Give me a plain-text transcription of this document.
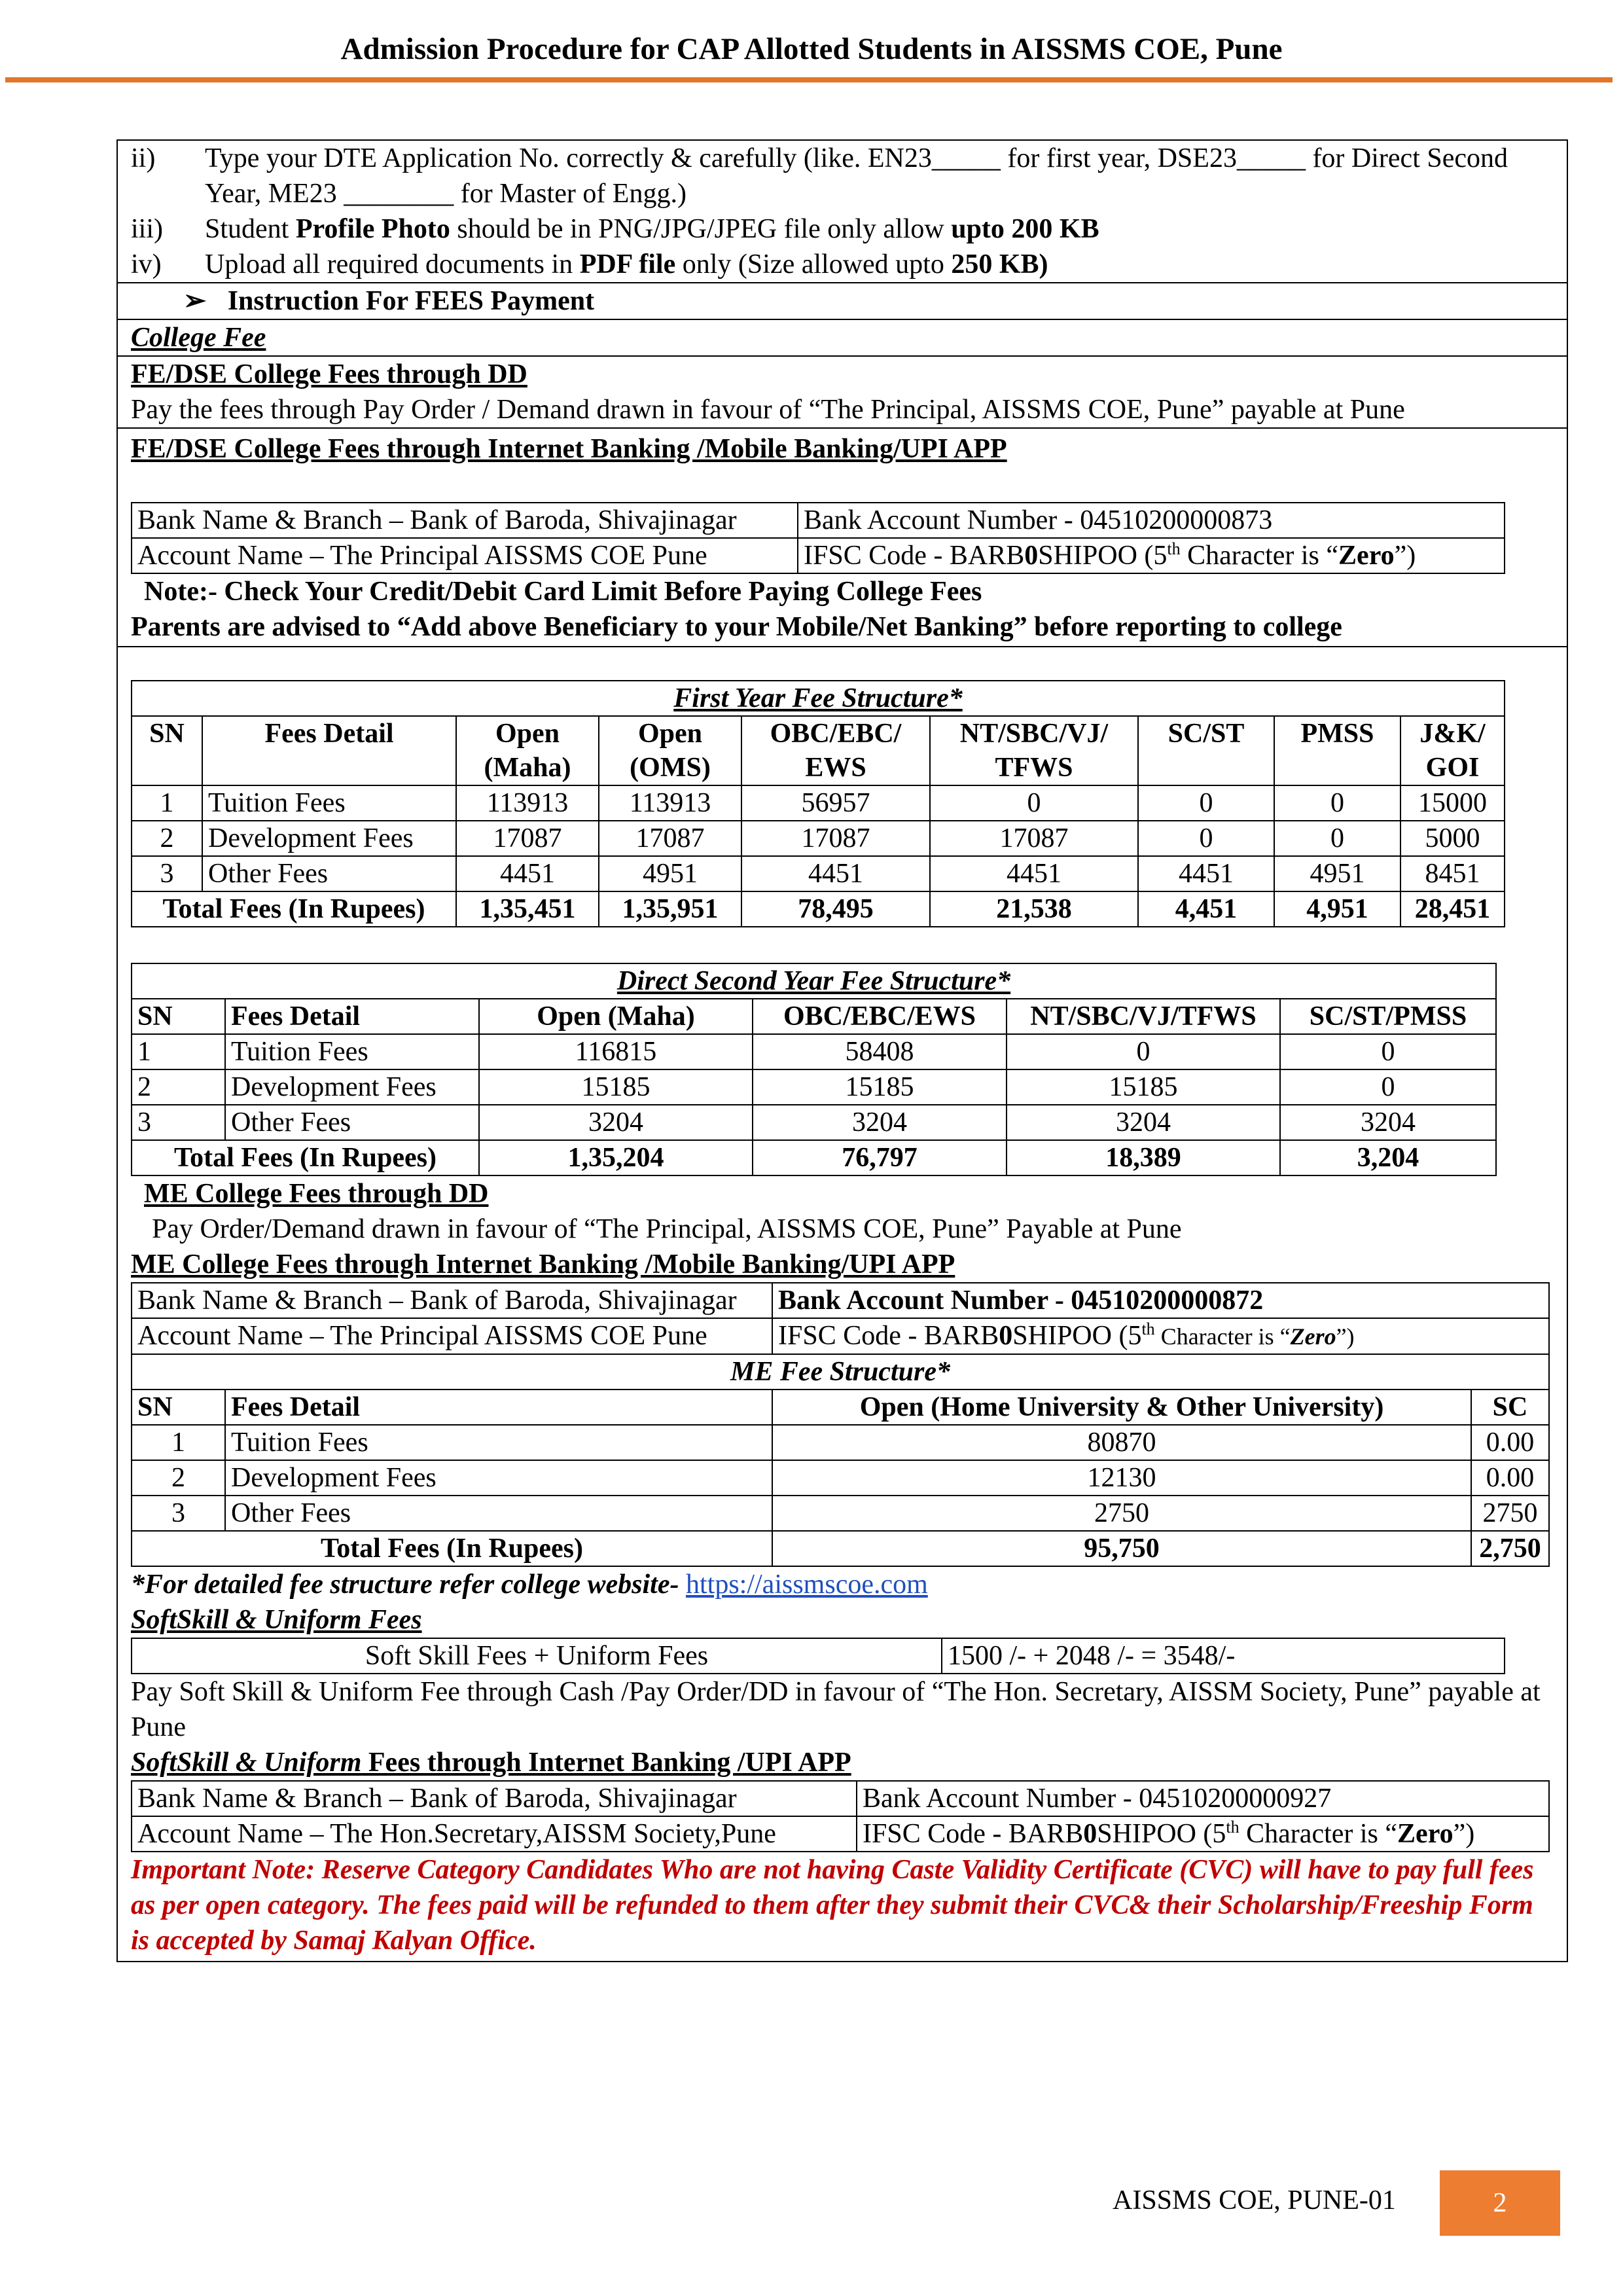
Admission Procedure for CAP Allotted Students in AISSMS COE, Pune
ii)	Type your DTE Application No. correctly & carefully (like. EN23_____ for first year, DSE23_____ for Direct Second Year, ME23 ________ for Master of Engg.)
iii)	Student Profile Photo should be in PNG/JPG/JPEG file only allow upto 200 KB
iv)	Upload all required documents in PDF file only (Size allowed upto 250 KB)
➢ Instruction For FEES Payment
College Fee
FE/DSE College Fees through DD
Pay the fees through Pay Order / Demand drawn in favour of “The Principal, AISSMS COE, Pune” payable at Pune
FE/DSE College Fees through Internet Banking /Mobile Banking/UPI APP
Bank Name & Branch – Bank of Baroda, Shivajinagar	Bank Account Number - 04510200000873
Account Name – The Principal AISSMS COE Pune	IFSC Code - BARB0SHIPOO (5th Character is “Zero”)
Note:- Check Your Credit/Debit Card Limit Before Paying College Fees
Parents are advised to “Add above Beneficiary to your Mobile/Net Banking” before reporting to college
First Year Fee Structure*								
SN	Fees Detail	Open (Maha)	Open (OMS)	OBC/EBC/ EWS	NT/SBC/VJ/ TFWS	SC/ST	PMSS	J&K/ GOI
1	Tuition Fees	113913	113913	56957	0	0	0	15000
2	Development Fees	17087	17087	17087	17087	0	0	5000
3	Other Fees	4451	4951	4451	4451	4451	4951	8451
Total Fees (In Rupees)		1,35,451	1,35,951	78,495	21,538	4,451	4,951	28,451
Direct Second Year Fee Structure*					
SN	Fees Detail	Open (Maha)	OBC/EBC/EWS	NT/SBC/VJ/TFWS	SC/ST/PMSS
1	Tuition Fees	116815	58408	0	0
2	Development Fees	15185	15185	15185	0
3	Other Fees	3204	3204	3204	3204
Total Fees (In Rupees)		1,35,204	76,797	18,389	3,204
ME College Fees through DD
Pay Order/Demand drawn in favour of “The Principal, AISSMS COE, Pune” Payable at Pune
ME College Fees through Internet Banking /Mobile Banking/UPI APP
Bank Name & Branch – Bank of Baroda, Shivajinagar		Bank Account Number - 04510200000872	
Account Name – The Principal AISSMS COE Pune		IFSC Code - BARB0SHIPOO (5th Character is “Zero”)	
ME Fee Structure*			
SN	Fees Detail	Open (Home University & Other University)	SC
1	Tuition Fees	80870	0.00
2	Development Fees	12130	0.00
3	Other Fees	2750	2750
Total Fees (In Rupees)		95,750	2,750
*For detailed fee structure refer college website- https://aissmscoe.com
SoftSkill & Uniform Fees
Soft Skill Fees + Uniform Fees	1500 /- + 2048 /- = 3548/-
Pay Soft Skill & Uniform Fee through Cash /Pay Order/DD in favour of “The Hon. Secretary, AISSM Society, Pune” payable at Pune
SoftSkill & Uniform Fees through Internet Banking /UPI APP
Bank Name & Branch – Bank of Baroda, Shivajinagar	Bank Account Number - 04510200000927
Account Name – The Hon.Secretary,AISSM Society,Pune	IFSC Code - BARB0SHIPOO (5th Character is “Zero”)
Important Note: Reserve Category Candidates Who are not having Caste Validity Certificate (CVC) will have to pay full fees as per open category. The fees paid will be refunded to them after they submit their CVC& their Scholarship/Freeship Form is accepted by Samaj Kalyan Office.
AISSMS COE, PUNE-01	2
